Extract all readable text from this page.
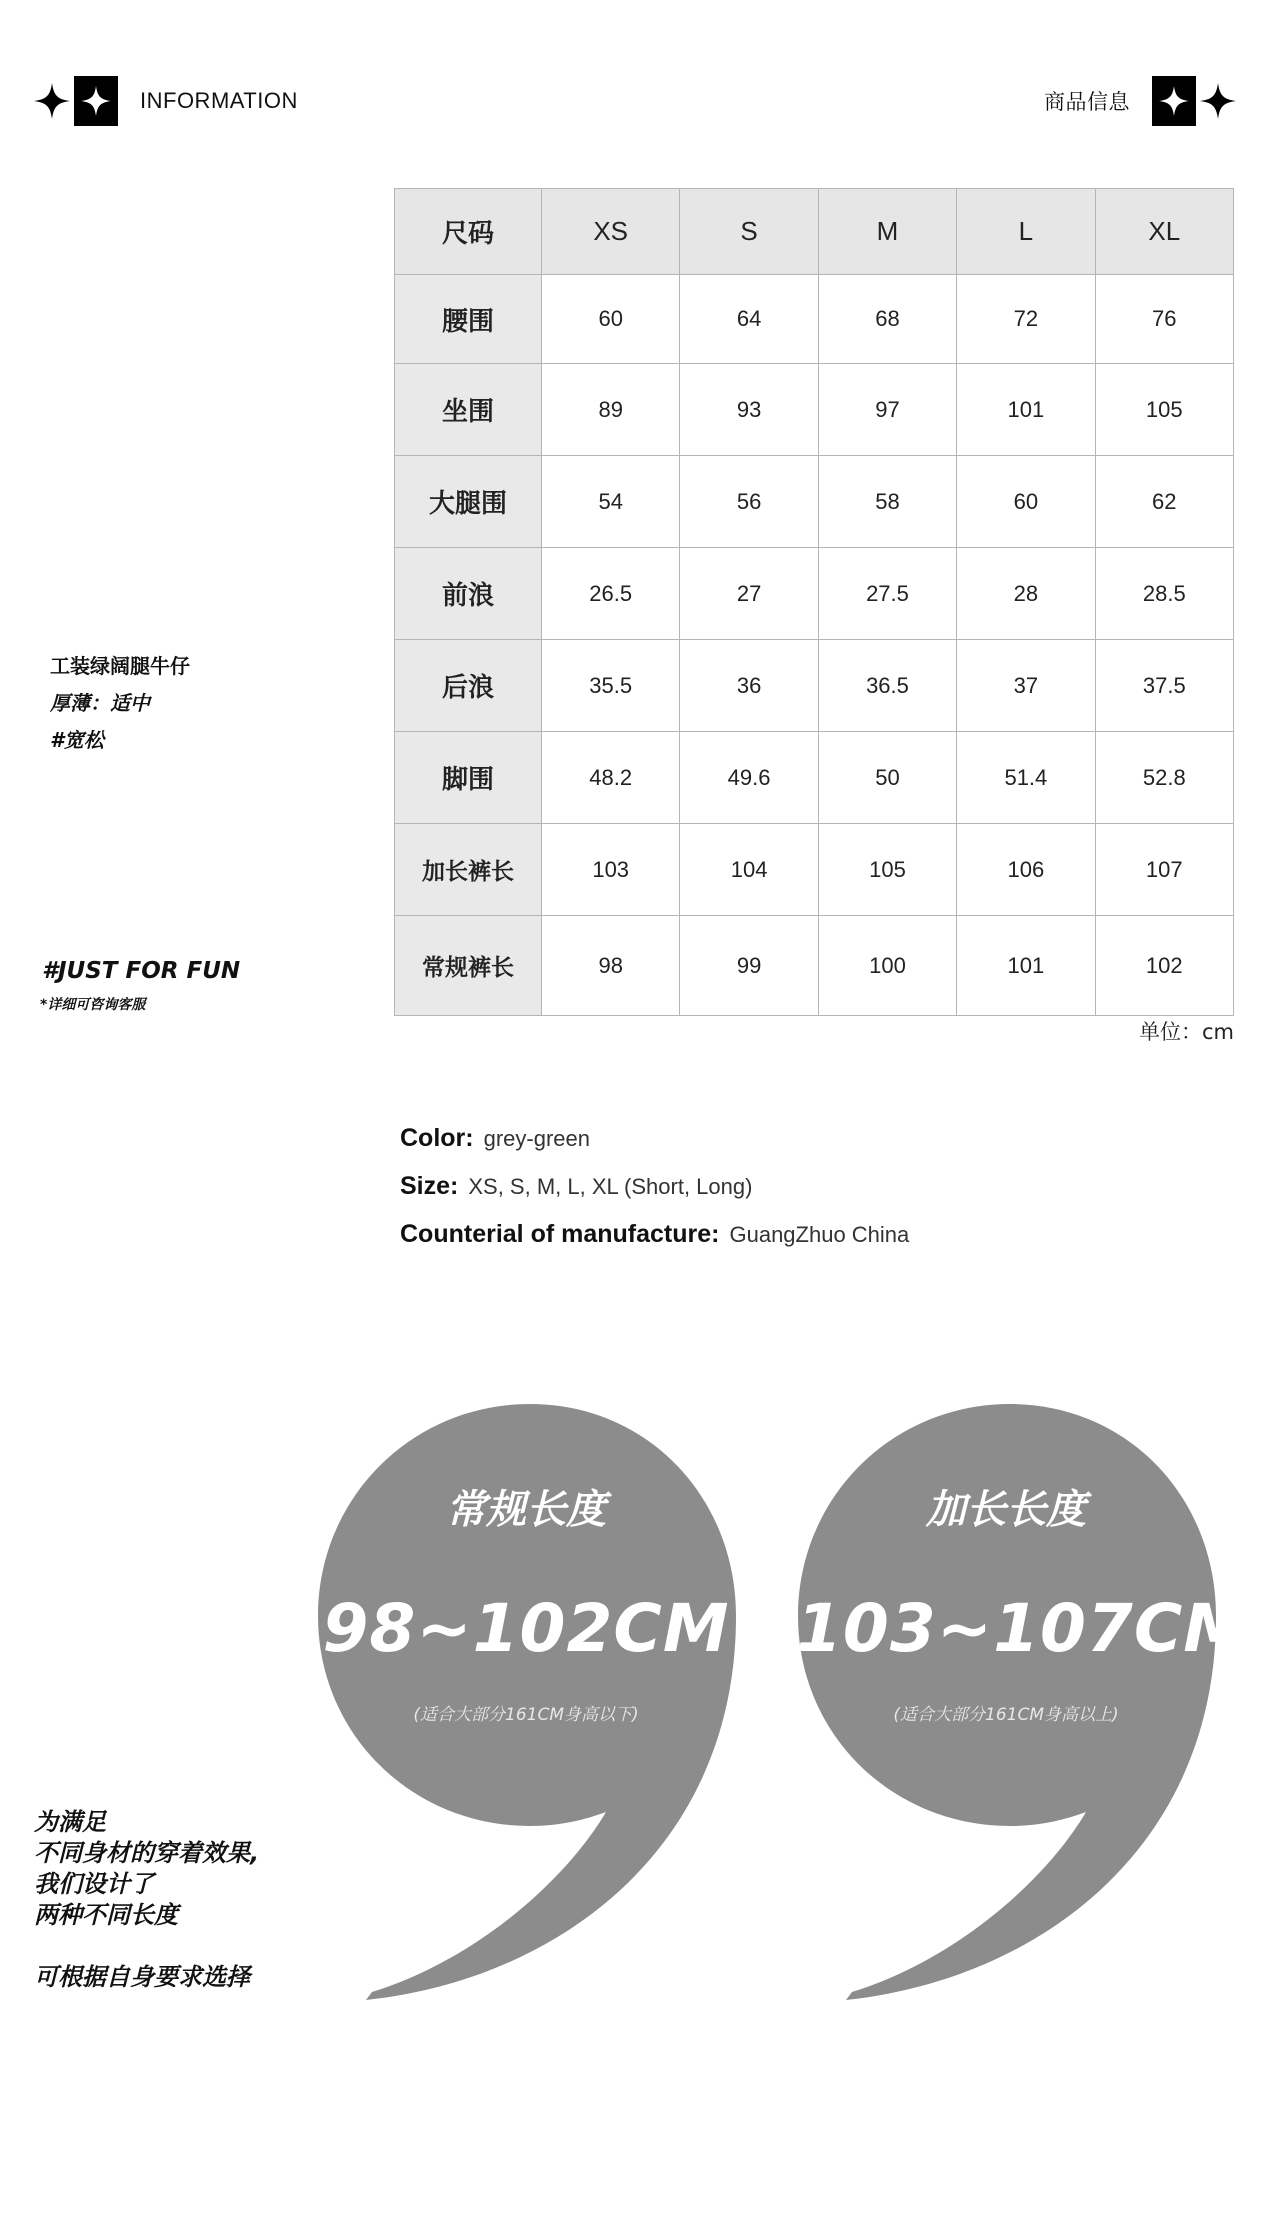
INFORMATION	商品信息
尺码	XS	S	M	L	XL
腰围	60	64	68	72	76
坐围	89	93	97	101	105
大腿围	54	56	58	60	62
前浪	26.5	27	27.5	28	28.5
后浪	35.5	36	36.5	37	37.5
脚围	48.2	49.6	50	51.4	52.8
加长裤长	103	104	105	106	107
常规裤长	98	99	100	101	102
单位：cm
工装绿阔腿牛仔
厚薄：适中
#宽松
#JUST FOR FUN
*详细可咨询客服
Color: grey-green
Size: XS, S, M, L, XL (Short, Long)
Counterial of manufacture: GuangZhuo China
常规长度
98~102CM
(适合大部分161CM身高以下)
加长长度
103~107CM
(适合大部分161CM身高以上)
为满足
不同身材的穿着效果,
我们设计了
两种不同长度
可根据自身要求选择
